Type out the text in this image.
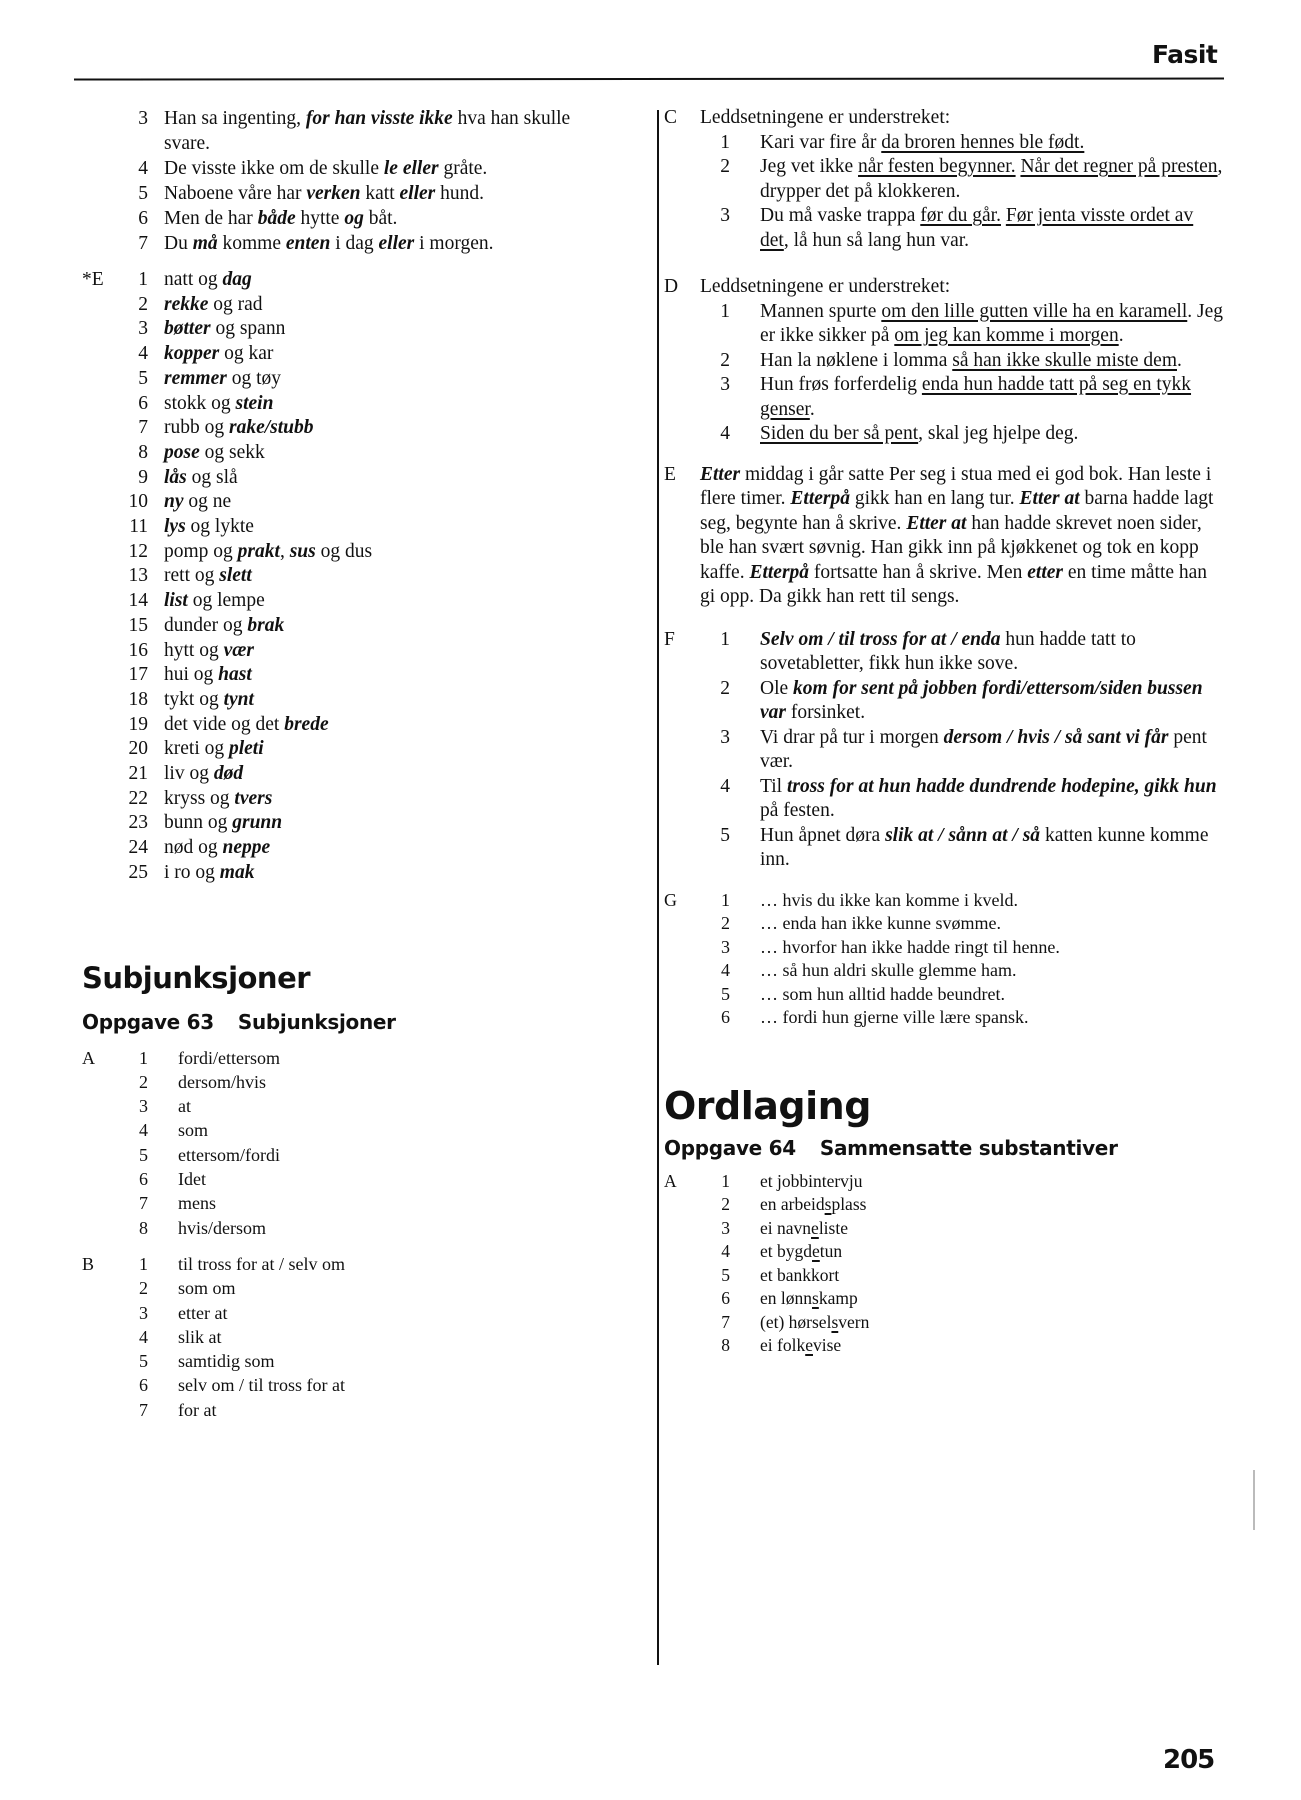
Fasit
3 Han sa ingenting, for han visste ikke hva han skulle
svare.
4 De visste ikke om de skulle le eller gråte.
5 Naboene våre har verken katt eller hund.
6 Men de har både hytte og båt.
7 Du må komme enten i dag eller i morgen.
*E	1 natt og dag
2 rekke og rad
3 bøtter og spann
4 kopper og kar
5 remmer og tøy
6 stokk og stein
7 rubb og rake/stubb
8 pose og sekk
9 lås og slå
10 ny og ne
11 lys og lykte
12 pomp og prakt, sus og dus
13 rett og slett
14 list og lempe
15 dunder og brak
16 hytt og vær
17 hui og hast
18 tykt og tynt
19 det vide og det brede
20 kreti og pleti
21 liv og død
22 kryss og tvers
23 bunn og grunn
24 nød og neppe
25 i ro og mak
Subjunksjoner
Oppgave 63 Subjunksjoner
A	1	fordi/ettersom
2	dersom/hvis
3	at
4	som
5	ettersom/fordi
6	Idet
7	mens
8	hvis/dersom
B	1	til tross for at / selv om
2	som om
3	etter at
4	slik at
5	samtidig som
6	selv om / til tross for at
7	for at
C	Leddsetningene er understreket:
1	Kari var fire år da broren hennes ble født.
2	Jeg vet ikke når festen begynner. Når det regner på presten, drypper det på klokkeren.
3	Du må vaske trappa før du går. Før jenta visste ordet av det, lå hun så lang hun var.
D	Leddsetningene er understreket:
1	Mannen spurte om den lille gutten ville ha en karamell. Jeg er ikke sikker på om jeg kan komme i morgen.
2	Han la nøklene i lomma så han ikke skulle miste dem.
3	Hun frøs forferdelig enda hun hadde tatt på seg en tykk genser.
4	Siden du ber så pent, skal jeg hjelpe deg.
E	Etter middag i går satte Per seg i stua med ei god bok. Han leste i flere timer. Etterpå gikk han en lang tur. Etter at barna hadde lagt seg, begynte han å skrive. Etter at han hadde skrevet noen sider, ble han svært søvnig. Han gikk inn på kjøkkenet og tok en kopp kaffe. Etterpå fortsatte han å skrive. Men etter en time måtte han gi opp. Da gikk han rett til sengs.
F	1	Selv om / til tross for at / enda hun hadde tatt to sovetabletter, fikk hun ikke sove.
2	Ole kom for sent på jobben fordi/ettersom/siden bussen var forsinket.
3	Vi drar på tur i morgen dersom / hvis / så sant vi får pent vær.
4	Til tross for at hun hadde dundrende hodepine, gikk hun på festen.
5	Hun åpnet døra slik at / sånn at / så katten kunne komme inn.
G	1	… hvis du ikke kan komme i kveld.
2	… enda han ikke kunne svømme.
3	… hvorfor han ikke hadde ringt til henne.
4	… så hun aldri skulle glemme ham.
5	… som hun alltid hadde beundret.
6	… fordi hun gjerne ville lære spansk.
Ordlaging
Oppgave 64 Sammensatte substantiver
A	1	et jobbintervju
2	en arbeidsplass
3	ei navneliste
4	et bygdetun
5	et bankkort
6	en lønnskamp
7	(et) hørselsvern
8	ei folkevise
205
